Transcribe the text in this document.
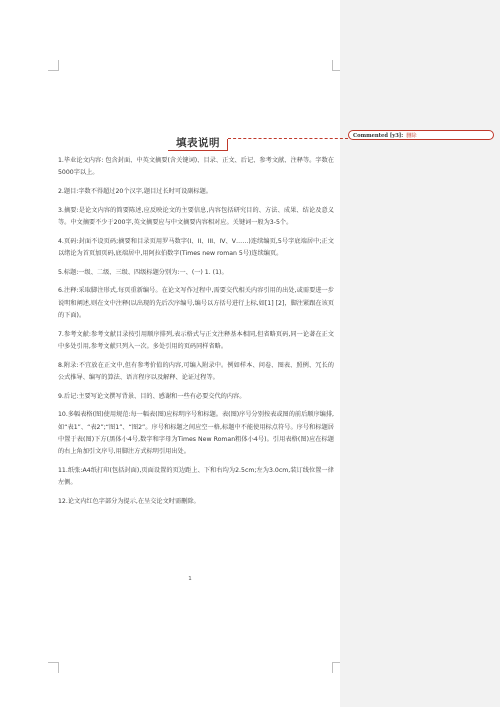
填表说明

1.毕业论文内容: 包含封面、中英文摘要(含关键词)、目录、正文、后记、参考文献、注释等。字数在5000字以上。

2.题目:字数不得超过20个汉字,题目过长时可设副标题。

3.摘要:是论文内容的简要陈述,应反映论文的主要信息,内容包括研究目的、方法、成果、结论及意义等。中文摘要不少于200字,英文摘要应与中文摘要内容相对应。关键词一般为3-5个。

4.页码:封面不设页码;摘要和目录页用罗马数字(I、II、III、IV、V……)连续编页,5号字底端居中;正文以绪论为首页加页码,底端居中,用阿拉伯数字(Times new roman 5号)连续编页。

5.标题:一级、二级、三级、四级标题分别为:一、(一) 1. (1)。

6.注释:采取脚注形式,每页重新编号。在论文写作过程中,需要交代相关内容引用的出处,或需要进一步说明和阐述,则在文中注释(以出现的先后次序编号,编号以方括号进行上标,如[1] [2]，脚注紧跟在该页的下面)。

7.参考文献:参考文献目录按引用顺序排列,表示格式与正文注释基本相同,但省略页码,同一论著在正文中多处引用,参考文献只列入一次。多处引用的页码同样省略。

8.附录:不宜放在正文中,但有参考价值的内容,可编入附录中。例如样本、问卷、图表、照例、冗长的公式推导、编写的算法、语言程序以及解释、论证过程等。

9.后记:主要写论文撰写背景、目的、感谢和一些有必要交代的内容。

10.多幅表格(图)使用规范:每一幅表(图)应标明序号和标题。表(图)序号分别按表或图的前后顺序编排,如“表1”、“表2”;“图1”、“图2”。序号和标题之间应空一格,标题中不能使用标点符号。序号和标题居中置于表(图)下方(黑体小4号,数字和字母为Times New Roman粗体小4号)。引用表格(图)应在标题的右上角加引文序号,用脚注方式标明引用出处。

11.纸张:A4纸打印(包括封面),页面设置的页边距上、下和右均为2.5cm;左为3.0cm,装订线位置一律左侧。

12.论文内红色字部分为提示,在呈交论文时需删除。

1
Commented [y3]: 删除
